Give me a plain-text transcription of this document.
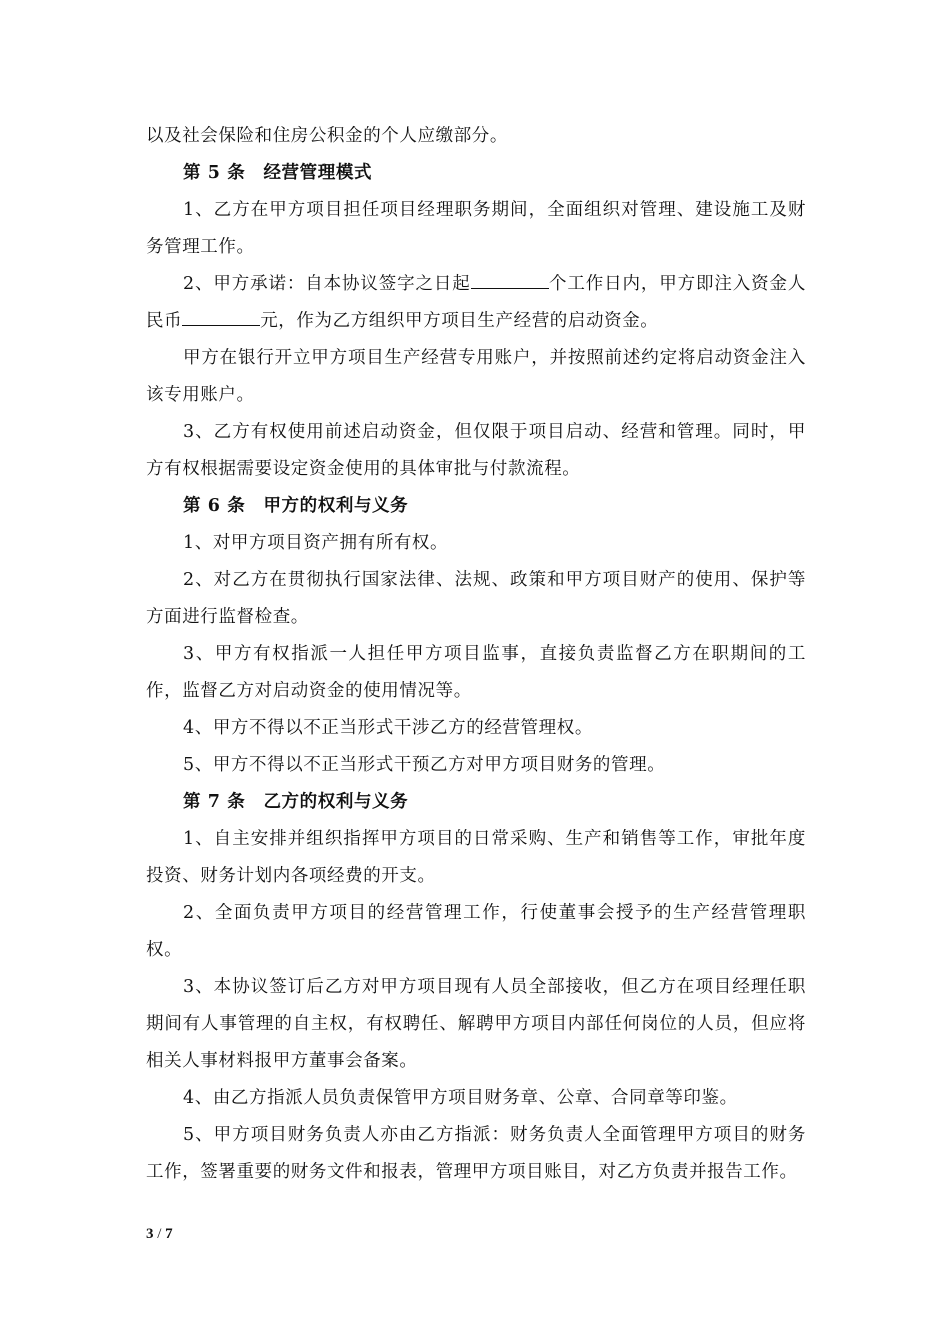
以及社会保险和住房公积金的个人应缴部分。

第 5 条　经营管理模式

1、乙方在甲方项目担任项目经理职务期间，全面组织对管理、建设施工及财务管理工作。

2、甲方承诺：自本协议签字之日起	个工作日内，甲方即注入资金人民币	元，作为乙方组织甲方项目生产经营的启动资金。

甲方在银行开立甲方项目生产经营专用账户，并按照前述约定将启动资金注入该专用账户。

3、乙方有权使用前述启动资金，但仅限于项目启动、经营和管理。同时，甲方有权根据需要设定资金使用的具体审批与付款流程。

第 6 条　甲方的权利与义务

1、对甲方项目资产拥有所有权。

2、对乙方在贯彻执行国家法律、法规、政策和甲方项目财产的使用、保护等方面进行监督检查。

3、甲方有权指派一人担任甲方项目监事，直接负责监督乙方在职期间的工作，监督乙方对启动资金的使用情况等。

4、甲方不得以不正当形式干涉乙方的经营管理权。

5、甲方不得以不正当形式干预乙方对甲方项目财务的管理。

第 7 条　乙方的权利与义务

1、自主安排并组织指挥甲方项目的日常采购、生产和销售等工作，审批年度投资、财务计划内各项经费的开支。

2、全面负责甲方项目的经营管理工作，行使董事会授予的生产经营管理职权。

3、本协议签订后乙方对甲方项目现有人员全部接收，但乙方在项目经理任职期间有人事管理的自主权，有权聘任、解聘甲方项目内部任何岗位的人员，但应将相关人事材料报甲方董事会备案。

4、由乙方指派人员负责保管甲方项目财务章、公章、合同章等印鉴。

5、甲方项目财务负责人亦由乙方指派：财务负责人全面管理甲方项目的财务工作，签署重要的财务文件和报表，管理甲方项目账目，对乙方负责并报告工作。

3 / 7
